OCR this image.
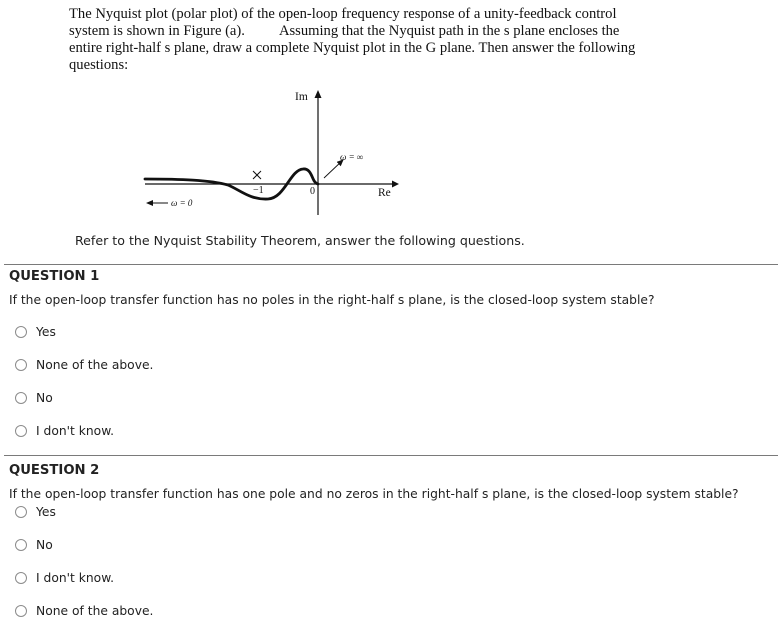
The Nyquist plot (polar plot) of the open-loop frequency response of a unity-feedback control
system is shown in Figure (a). Assuming that the Nyquist path in the s plane encloses the
entire right-half s plane, draw a complete Nyquist plot in the G plane. Then answer the following
questions:
Im
Re
ω = ∞
ω = 0
−1	0
Refer to the Nyquist Stability Theorem, answer the following questions.
QUESTION 1
If the open-loop transfer function has no poles in the right-half s plane, is the closed-loop system stable?
Yes
None of the above.
No
I don't know.
QUESTION 2
If the open-loop transfer function has one pole and no zeros in the right-half s plane, is the closed-loop system stable?
Yes
No
I don't know.
None of the above.
